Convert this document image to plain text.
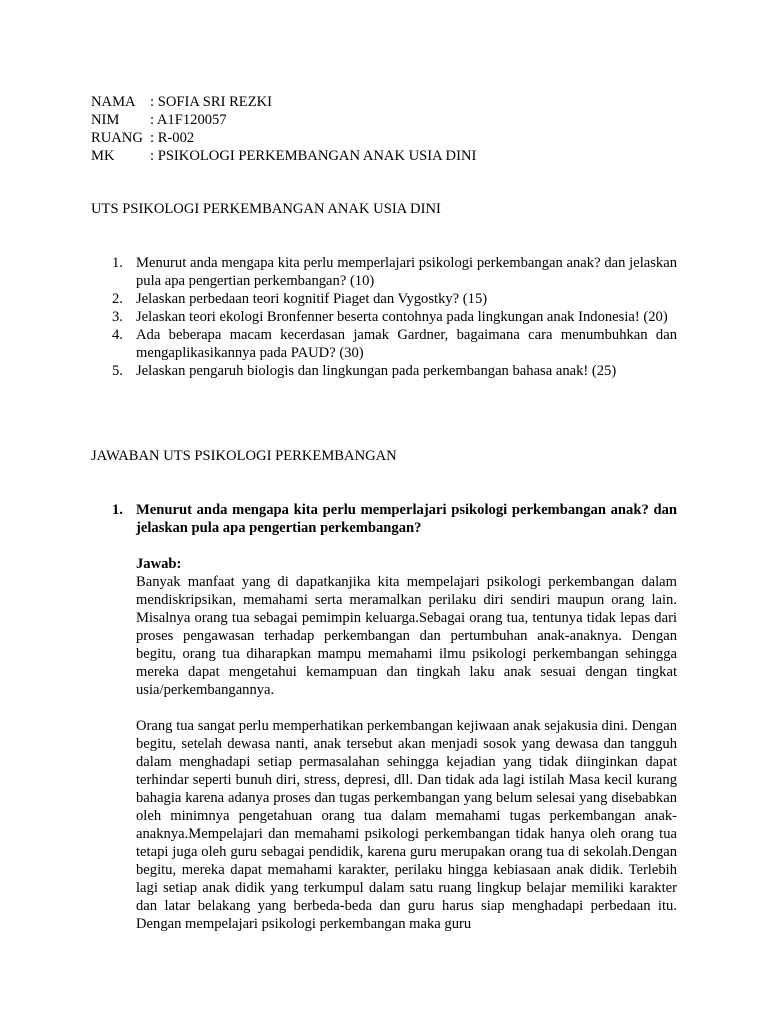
NAMA : SOFIA SRI REZKI
NIM : A1F120057
RUANG : R-002
MK : PSIKOLOGI PERKEMBANGAN ANAK USIA DINI
UTS PSIKOLOGI PERKEMBANGAN ANAK USIA DINI
1. Menurut anda mengapa kita perlu memperlajari psikologi perkembangan anak? dan jelaskan pula apa pengertian perkembangan? (10)
2. Jelaskan perbedaan teori kognitif Piaget dan Vygostky? (15)
3. Jelaskan teori ekologi Bronfenner beserta contohnya pada lingkungan anak Indonesia! (20)
4. Ada beberapa macam kecerdasan jamak Gardner, bagaimana cara menumbuhkan dan mengaplikasikannya pada PAUD? (30)
5. Jelaskan pengaruh biologis dan lingkungan pada perkembangan bahasa anak! (25)
JAWABAN UTS PSIKOLOGI PERKEMBANGAN
1. Menurut anda mengapa kita perlu memperlajari psikologi perkembangan anak? dan jelaskan pula apa pengertian perkembangan?
Jawab:
Banyak manfaat yang di dapatkanjika kita mempelajari psikologi perkembangan dalam mendiskripsikan, memahami serta meramalkan perilaku diri sendiri maupun orang lain. Misalnya orang tua sebagai pemimpin keluarga.Sebagai orang tua, tentunya tidak lepas dari proses pengawasan terhadap perkembangan dan pertumbuhan anak-anaknya. Dengan begitu, orang tua diharapkan mampu memahami ilmu psikologi perkembangan sehingga mereka dapat mengetahui kemampuan dan tingkah laku anak sesuai dengan tingkat usia/perkembangannya.
Orang tua sangat perlu memperhatikan perkembangan kejiwaan anak sejakusia dini. Dengan begitu, setelah dewasa nanti, anak tersebut akan menjadi sosok yang dewasa dan tangguh dalam menghadapi setiap permasalahan sehingga kejadian yang tidak diinginkan dapat terhindar seperti bunuh diri, stress, depresi, dll. Dan tidak ada lagi istilah Masa kecil kurang bahagia karena adanya proses dan tugas perkembangan yang belum selesai yang disebabkan oleh minimnya pengetahuan orang tua dalam memahami tugas perkembangan anak-anaknya.Mempelajari dan memahami psikologi perkembangan tidak hanya oleh orang tua tetapi juga oleh guru sebagai pendidik, karena guru merupakan orang tua di sekolah.Dengan begitu, mereka dapat memahami karakter, perilaku hingga kebiasaan anak didik. Terlebih lagi setiap anak didik yang terkumpul dalam satu ruang lingkup belajar memiliki karakter dan latar belakang yang berbeda-beda dan guru harus siap menghadapi perbedaan itu. Dengan mempelajari psikologi perkembangan maka guru
